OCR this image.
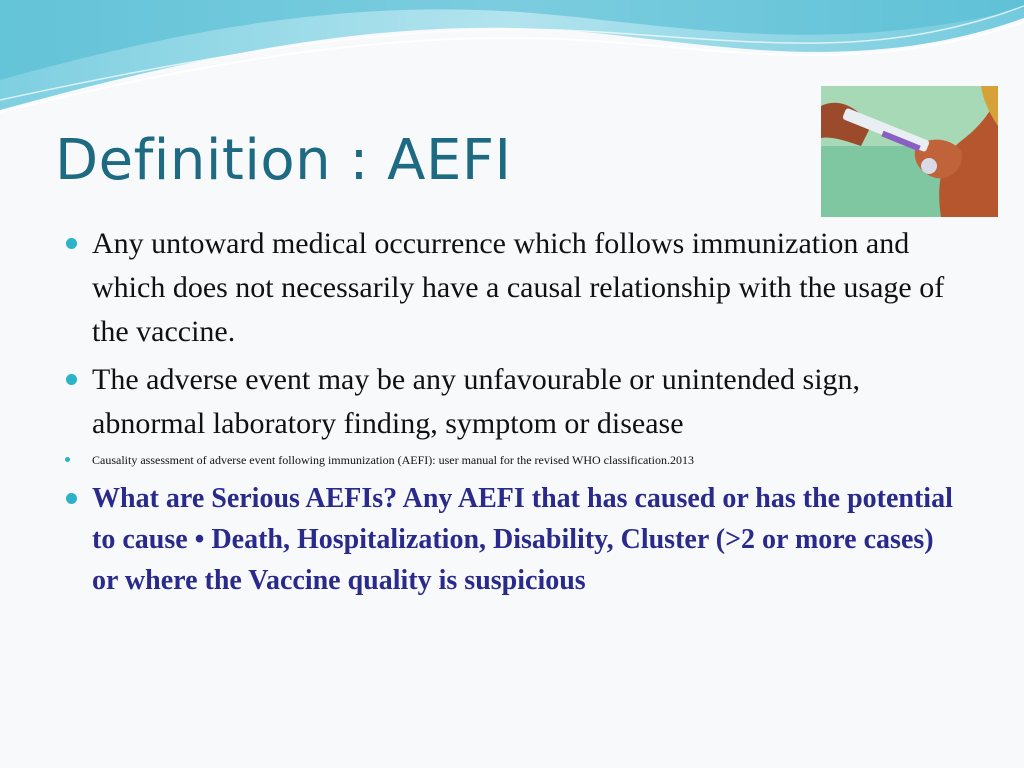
Definition : AEFI
Any untoward medical occurrence which follows immunization and which does not necessarily have a causal relationship with the usage of the vaccine.
The adverse event may be any unfavourable or unintended sign, abnormal laboratory finding, symptom or disease
Causality assessment of adverse event following immunization (AEFI): user manual for the revised WHO classification.2013
What are Serious AEFIs? Any AEFI that has caused or has the potential to cause • Death, Hospitalization, Disability, Cluster (>2 or more cases) or where the Vaccine quality is suspicious
